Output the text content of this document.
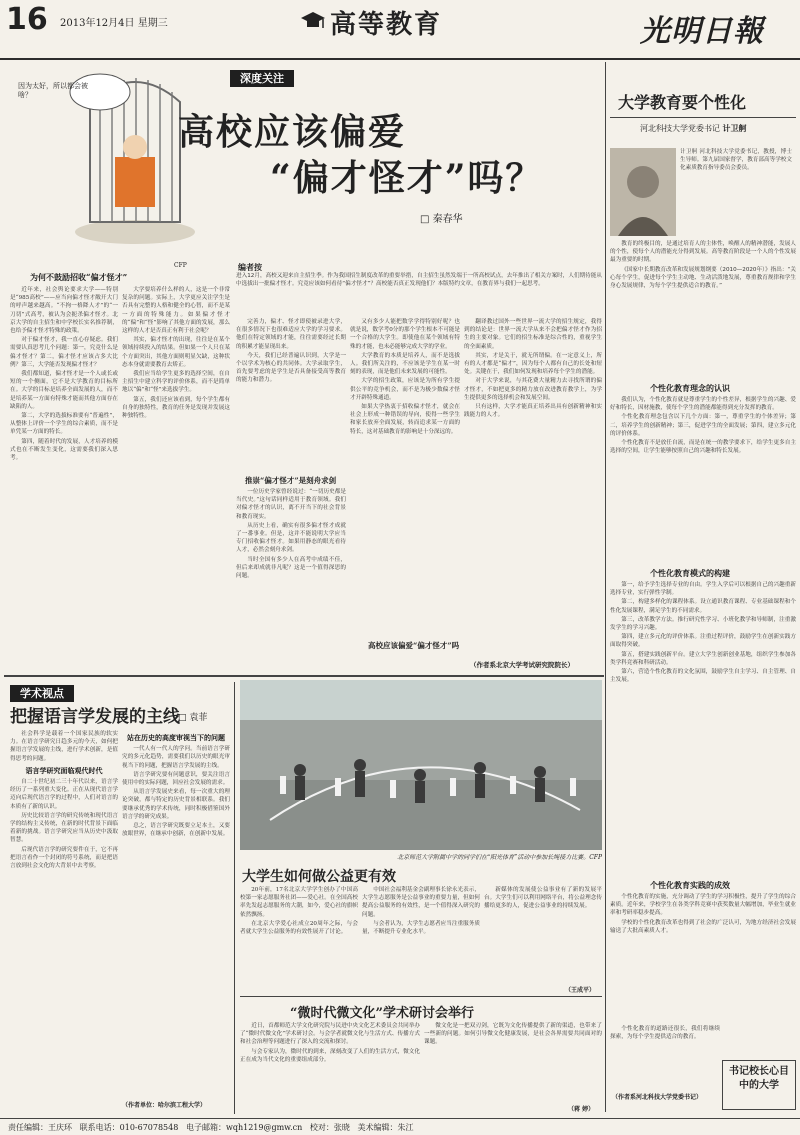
16 2013年12月4日 星期三	高等教育	光明日報
深度关注
因为太好，所以都会被啥？
CFP
高校应该偏爱
“偏才怪才”吗？
□ 秦春华
大学教育要个性化
河北科技大学党委书记 计卫舸
计卫舸 河北科技大学党委书记，教授，博士生导师。第九届国家督学，教育部高等学校文化素质教育指导委员会委员。
为何不鼓励招收“偏才怪才”

近年来，社会舆论要求大学——特别是“985高校”——应当向偏才怪才敞开大门的呼声越来越高。“不拘一格降人才”的“一刀切”式高考，被认为会扼杀偏才怪才。北京大学的自主招生和中学校长实名推荐制，也给予偏才怪才特殊的政策。

对于偏才怪才，我一直心存疑虑。我们需要认真思考几个问题：第一，究竟什么是偏才怪才？第二，偏才怪才应该占多大比例？第三，大学能否发现偏才怪才？

我们都知道，偏才怪才是一个人或长或短的一个侧面，它不是大学教育的目标所在。大学的目标是培养全面发展的人，而不是培养某一方面有特殊才能而其他方面存在缺陷的人。

第二，大学的选拔标准要有“普遍性”，从整体上评价一个学生的综合素质，而不是单凭某一方面的特长。

第四，随着时代的发展，人才培养的模式也在不断发生变化，这需要我们深入思考。

大学要培养什么样的人，这是一个非常复杂的问题。实际上，大学更应关注学生是否具有完整的人格和健全的心智，而不是某一方面的特殊能力。如果偏才怪才的“偏”和“怪”影响了其他方面的发展，那么这样的人才是否真正有利于社会呢？

其实，偏才怪才的出现，往往是在某个领域持续投入的结果。但如果一个人只在某个方面突出，其他方面则明显欠缺，这种状态本身就需要教育去矫正。

我们应当给学生更多的选择空间，在自主招生中建立科学的评价体系，而不是简单地以“偏”和“怪”来选拔学生。

第五，我们还应该看到，每个学生都有自身的独特性，教育的任务是发现并发展这种独特性。

编者按
进入12月，高校又迎来自主招生季。作为我国招生制度改革的重要举措，自主招生虽然发端于一所高校试点，去年推出了相关方案时，人们期待能从中选拔出一批偏才怪才。究竟应该如何看待“偏才怪才”？高校能否真正发现他们？本版特约文章，在教育界与我们一起思考。

完善力，偏才、怪才即使被录进大学，在很多情况下也很难适应大学的学习要求。他们在特定领域的才能，往往需要经过长期的积累才能显现出来。

今天，我们已经普遍认识到，大学是一个以学术为核心的共同体。大学录取学生，首先要考虑的是学生是否具备接受高等教育的能力和潜力。

推崇“偏才怪才”是刻舟求剑

一位历史学家曾经说过：“一切历史都是当代史。”这句话同样适用于教育领域。我们对偏才怪才的认识，离不开当下的社会背景和教育现实。

从历史上看，确实有很多偏才怪才成就了一番事业。但是，这并不能说明大学应当专门招收偏才怪才。如果用静态的眼光看待人才，必然会刻舟求剑。

当时全国有多少人在高考中成绩不佳，但后来却成就非凡呢？这是一个值得深思的问题。

又有多少人能把数学学得特别好呢？也就是说，数学考0分的那个学生根本不可能是一个合格的大学生。即使他在某个领域有特殊的才能，也未必能够完成大学的学业。

大学教育的本质是培养人，而不是选拔人。我们所关注的，不应该是学生在某一时刻的表现，而是他们未来发展的可能性。

大学的招生政策，应该是为所有学生提供公平的竞争机会，而不是为极少数偏才怪才开辟特殊通道。

如果大学热衷于招收偏才怪才，就会在社会上形成一种错误的导向，使得一些学生和家长放弃全面发展，转而追求某一方面的特长，这对基础教育的影响是十分深远的。

高校应该偏爱“偏才怪才”吗

翻译教过国外一些世界一流大学的招生规定，我得到的结论是：世界一流大学从来不会把偏才怪才作为招生的主要对象。它们的招生标准是综合性的，重视学生的全面素质。

其实，才是关于，就无所谓偏。在一定意义上，所有的人才都是“偏才”，因为每个人都有自己的长处和短处。关键在于，我们如何发现和培养每个学生的潜能。

对于大学来说，与其花费大量精力去寻找所谓的偏才怪才，不如把更多的精力放在改进教育教学上，为学生提供更多的选择机会和发展空间。

只有这样，大学才能真正培养出具有创新精神和实践能力的人才。

（作者系北京大学考试研究院院长）

教育的终极目的，是通过培育人的主体性，唤醒人的精神潜能，发展人的个性，使每个人的潜能充分得到发展。高等教育阶段是一个人的个性发展最为重要的时期。

《国家中长期教育改革和发展规划纲要（2010—2020年）》指出：“关心每个学生，促进每个学生主动地、生动活泼地发展，尊重教育规律和学生身心发展规律，为每个学生提供适合的教育。”

个性化教育理念的认识

我们认为，个性化教育就是尊重学生的个性差异，根据学生的兴趣、爱好和特长，因材施教，使每个学生的潜能都能得到充分发挥的教育。

个性化教育理念包含以下几个方面：第一，尊重学生的个体差异；第二，培养学生的创新精神；第三，促进学生的全面发展；第四，建立多元化的评价体系。

个性化教育不是放任自流，而是在统一的教学要求下，给学生更多自主选择的空间，让学生能够按照自己的兴趣和特长发展。

个性化教育模式的构建

第一，给予学生选择专业的自由。学生入学后可以根据自己的兴趣重新选择专业，实行弹性学制。

第二，构建多样化的课程体系。设立通识教育课程、专业基础课程和个性化发展课程，满足学生的不同需求。

第三，改革教学方法。推行研究性学习、小班化教学和导师制，注重激发学生的学习兴趣。

第四，建立多元化的评价体系。注重过程评价，鼓励学生在创新实践方面取得突破。

第五，搭建实践创新平台。建立大学生创新创业基地，组织学生参加各类学科竞赛和科研活动。

第六，营造个性化教育的文化氛围，鼓励学生自主学习、自主管理、自主发展。

个性化教育实践的成效

个性化教育的实施，充分调动了学生的学习积极性，提升了学生的综合素质。近年来，学校学生在各类学科竞赛中获奖数量大幅增加，毕业生就业率和考研率稳步提高。

学校的个性化教育改革也得到了社会的广泛认可，为地方经济社会发展输送了大批高素质人才。

个性化教育的道路还很长，我们将继续探索，为每个学生提供适合的教育。

（作者系河北科技大学党委书记）
书记校长心目中的大学
学术视点
把握语言学发展的主线
□ 袁菲

社会科学是载着一个国家民族的软实力。在语言学研究日趋多元的今天，如何把握语言学发展的主线，进行学术创新，是值得思考的问题。

语言学研究面临观代时代

自二十世纪初二三十年代以来，语言学经历了一系列重大变化。正在从现代语言学迈向后现代语言学的过程中，人们对语言的本质有了新的认识。

历史比较语言学的研究传统和现代语言学的结构主义传统，在新的时代背景下面临着新的挑战。语言学研究应当从历史中汲取智慧。

后现代语言学的研究要件在于，它不再把语言看作一个封闭的符号系统，而是把语言放到社会文化的大背景中去考察。

站在历史的高度审视当下的问题

一代人有一代人的学问。当前语言学研究的多元化趋势，需要我们以历史的眼光审视当下的问题，把握语言学发展的主线。

语言学研究要有问题意识，要关注语言使用中的实际问题，回应社会发展的需求。

从语言学发展史来看，每一次重大的理论突破，都与特定的历史背景相联系。我们要继承优秀的学术传统，同时积极借鉴国外语言学的研究成果。

总之，语言学研究既要立足本土，又要放眼世界，在继承中创新，在创新中发展。

（作者单位：哈尔滨工程大学）
北京师范大学附属中学的同学们在“阳光体育”活动中参加长绳接力比赛。CFP
大学生如何做公益更有效

20年前，17名北京大学学生创办了中国高校第一家志愿服务社团——爱心社。在全国高校率先发起志愿服务的大潮，如今，爱心社的旗帜依然飘扬。

在北京大学爱心社成立20周年之际，与会者就大学生公益服务的有效性展开了讨论。

中国社会福利基金会副理事长徐永光表示，大学生志愿服务是公益事业的重要力量，但如何提高公益服务的有效性，是一个值得深入研究的问题。

与会者认为，大学生志愿者应当注重服务质量，不断提升专业化水平。

新媒体的发展使公益事业有了新的发展平台。大学生们可以利用网络平台，将公益理念传播给更多的人，促进公益事业的持续发展。

（王成平）
“微时代微文化”学术研讨会举行

近日，首都师范大学文化研究院与民进中央文化艺术委员会共同举办了“微时代微文化”学术研讨会。与会学者就微文化与生活方式、传播方式和社会治理等问题进行了深入的交流和探讨。

与会专家认为，微时代的到来，深刻改变了人们的生活方式，微文化正在成为当代文化的重要组成部分。

微文化是一把双刃剑，它既为文化传播提供了新的渠道，也带来了一些新的问题。如何引导微文化健康发展，是社会各界需要共同面对的课题。

（蒋 婷）
责任编辑：王庆环 联系电话：010-67078548 电子邮箱：wqh1219@gmw.cn 校对：张晓 美术编辑：朱江
